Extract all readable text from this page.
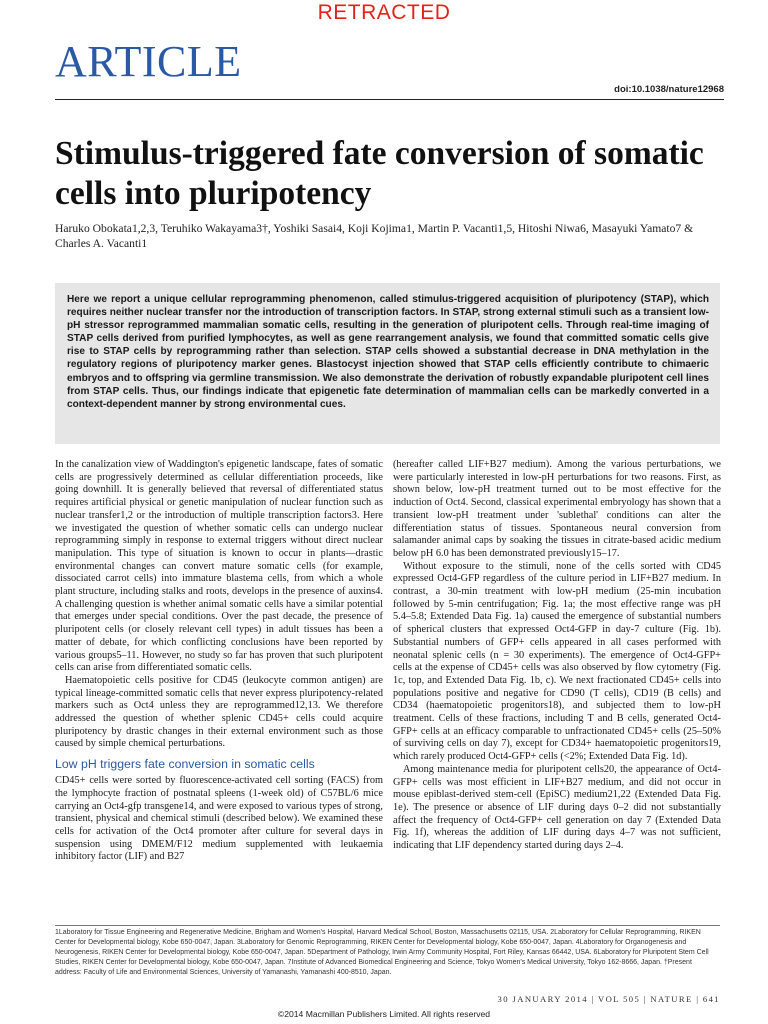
RETRACTED
ARTICLE
doi:10.1038/nature12968
Stimulus-triggered fate conversion of somatic cells into pluripotency
Haruko Obokata1,2,3, Teruhiko Wakayama3†, Yoshiki Sasai4, Koji Kojima1, Martin P. Vacanti1,5, Hitoshi Niwa6, Masayuki Yamato7 & Charles A. Vacanti1
Here we report a unique cellular reprogramming phenomenon, called stimulus-triggered acquisition of pluripotency (STAP), which requires neither nuclear transfer nor the introduction of transcription factors. In STAP, strong external stimuli such as a transient low-pH stressor reprogrammed mammalian somatic cells, resulting in the generation of pluripotent cells. Through real-time imaging of STAP cells derived from purified lymphocytes, as well as gene rearrangement analysis, we found that committed somatic cells give rise to STAP cells by reprogramming rather than selection. STAP cells showed a substantial decrease in DNA methylation in the regulatory regions of pluripotency marker genes. Blastocyst injection showed that STAP cells efficiently contribute to chimaeric embryos and to offspring via germline transmission. We also demonstrate the derivation of robustly expandable pluripotent cell lines from STAP cells. Thus, our findings indicate that epigenetic fate determination of mammalian cells can be markedly converted in a context-dependent manner by strong environmental cues.

In the canalization view of Waddington's epigenetic landscape, fates of somatic cells are progressively determined as cellular differentiation proceeds, like going downhill. It is generally believed that reversal of differentiated status requires artificial physical or genetic manipulation of nuclear function such as nuclear transfer1,2 or the introduction of multiple transcription factors3. Here we investigated the question of whether somatic cells can undergo nuclear reprogramming simply in response to external triggers without direct nuclear manipulation. This type of situation is known to occur in plants—drastic environmental changes can convert mature somatic cells (for example, dissociated carrot cells) into immature blastema cells, from which a whole plant structure, including stalks and roots, develops in the presence of auxins4. A challenging question is whether animal somatic cells have a similar potential that emerges under special conditions. Over the past decade, the presence of pluripotent cells (or closely relevant cell types) in adult tissues has been a matter of debate, for which conflicting conclusions have been reported by various groups5–11. However, no study so far has proven that such pluripotent cells can arise from differentiated somatic cells.

Haematopoietic cells positive for CD45 (leukocyte common antigen) are typical lineage-committed somatic cells that never express pluripotency-related markers such as Oct4 unless they are reprogrammed12,13. We therefore addressed the question of whether splenic CD45+ cells could acquire pluripotency by drastic changes in their external environment such as those caused by simple chemical perturbations.

Low pH triggers fate conversion in somatic cells

CD45+ cells were sorted by fluorescence-activated cell sorting (FACS) from the lymphocyte fraction of postnatal spleens (1-week old) of C57BL/6 mice carrying an Oct4-gfp transgene14, and were exposed to various types of strong, transient, physical and chemical stimuli (described below). We examined these cells for activation of the Oct4 promoter after culture for several days in suspension using DMEM/F12 medium supplemented with leukaemia inhibitory factor (LIF) and B27

(hereafter called LIF+B27 medium). Among the various perturbations, we were particularly interested in low-pH perturbations for two reasons. First, as shown below, low-pH treatment turned out to be most effective for the induction of Oct4. Second, classical experimental embryology has shown that a transient low-pH treatment under 'sublethal' conditions can alter the differentiation status of tissues. Spontaneous neural conversion from salamander animal caps by soaking the tissues in citrate-based acidic medium below pH 6.0 has been demonstrated previously15–17.

Without exposure to the stimuli, none of the cells sorted with CD45 expressed Oct4-GFP regardless of the culture period in LIF+B27 medium. In contrast, a 30-min treatment with low-pH medium (25-min incubation followed by 5-min centrifugation; Fig. 1a; the most effective range was pH 5.4–5.8; Extended Data Fig. 1a) caused the emergence of substantial numbers of spherical clusters that expressed Oct4-GFP in day-7 culture (Fig. 1b). Substantial numbers of GFP+ cells appeared in all cases performed with neonatal splenic cells (n = 30 experiments). The emergence of Oct4-GFP+ cells at the expense of CD45+ cells was also observed by flow cytometry (Fig. 1c, top, and Extended Data Fig. 1b, c). We next fractionated CD45+ cells into populations positive and negative for CD90 (T cells), CD19 (B cells) and CD34 (haematopoietic progenitors18), and subjected them to low-pH treatment. Cells of these fractions, including T and B cells, generated Oct4-GFP+ cells at an efficacy comparable to unfractionated CD45+ cells (25–50% of surviving cells on day 7), except for CD34+ haematopoietic progenitors19, which rarely produced Oct4-GFP+ cells (<2%; Extended Data Fig. 1d).

Among maintenance media for pluripotent cells20, the appearance of Oct4-GFP+ cells was most efficient in LIF+B27 medium, and did not occur in mouse epiblast-derived stem-cell (EpiSC) medium21,22 (Extended Data Fig. 1e). The presence or absence of LIF during days 0–2 did not substantially affect the frequency of Oct4-GFP+ cell generation on day 7 (Extended Data Fig. 1f), whereas the addition of LIF during days 4–7 was not sufficient, indicating that LIF dependency started during days 2–4.

1Laboratory for Tissue Engineering and Regenerative Medicine, Brigham and Women's Hospital, Harvard Medical School, Boston, Massachusetts 02115, USA. 2Laboratory for Cellular Reprogramming, RIKEN Center for Developmental biology, Kobe 650-0047, Japan. 3Laboratory for Genomic Reprogramming, RIKEN Center for Developmental biology, Kobe 650-0047, Japan. 4Laboratory for Organogenesis and Neurogenesis, RIKEN Center for Developmental biology, Kobe 650-0047, Japan. 5Department of Pathology, Irwin Army Community Hospital, Fort Riley, Kansas 66442, USA. 6Laboratory for Pluripotent Stem Cell Studies, RIKEN Center for Developmental biology, Kobe 650-0047, Japan. 7Institute of Advanced Biomedical Engineering and Science, Tokyo Women's Medical University, Tokyo 162-8666, Japan. †Present address: Faculty of Life and Environmental Sciences, University of Yamanashi, Yamanashi 400-8510, Japan.
30 JANUARY 2014 | VOL 505 | NATURE | 641
©2014 Macmillan Publishers Limited. All rights reserved
